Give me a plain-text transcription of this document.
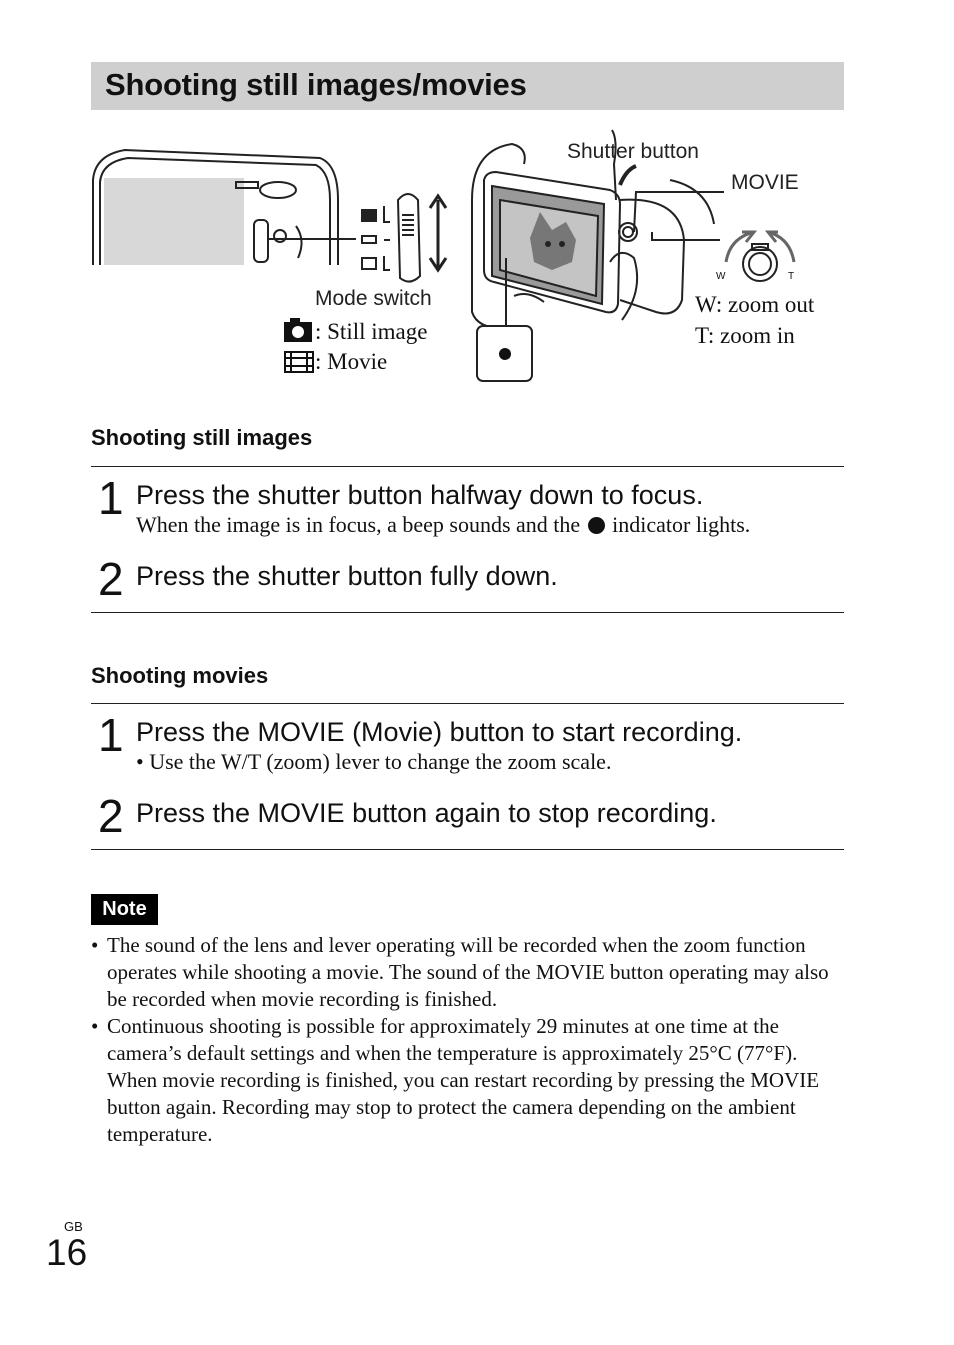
Shooting still images/movies
Shutter button
MOVIE
Mode switch
: Still image
: Movie
W: zoom out
T: zoom in
W	T
Shooting still images
1 Press the shutter button halfway down to focus.
When the image is in focus, a beep sounds and the indicator lights.
2 Press the shutter button fully down.
Shooting movies
1 Press the MOVIE (Movie) button to start recording.
• Use the W/T (zoom) lever to change the zoom scale.
2 Press the MOVIE button again to stop recording.
Note
• The sound of the lens and lever operating will be recorded when the zoom function operates while shooting a movie. The sound of the MOVIE button operating may also be recorded when movie recording is finished.
• Continuous shooting is possible for approximately 29 minutes at one time at the camera’s default settings and when the temperature is approximately 25°C (77°F). When movie recording is finished, you can restart recording by pressing the MOVIE button again. Recording may stop to protect the camera depending on the ambient temperature.
GB
16
